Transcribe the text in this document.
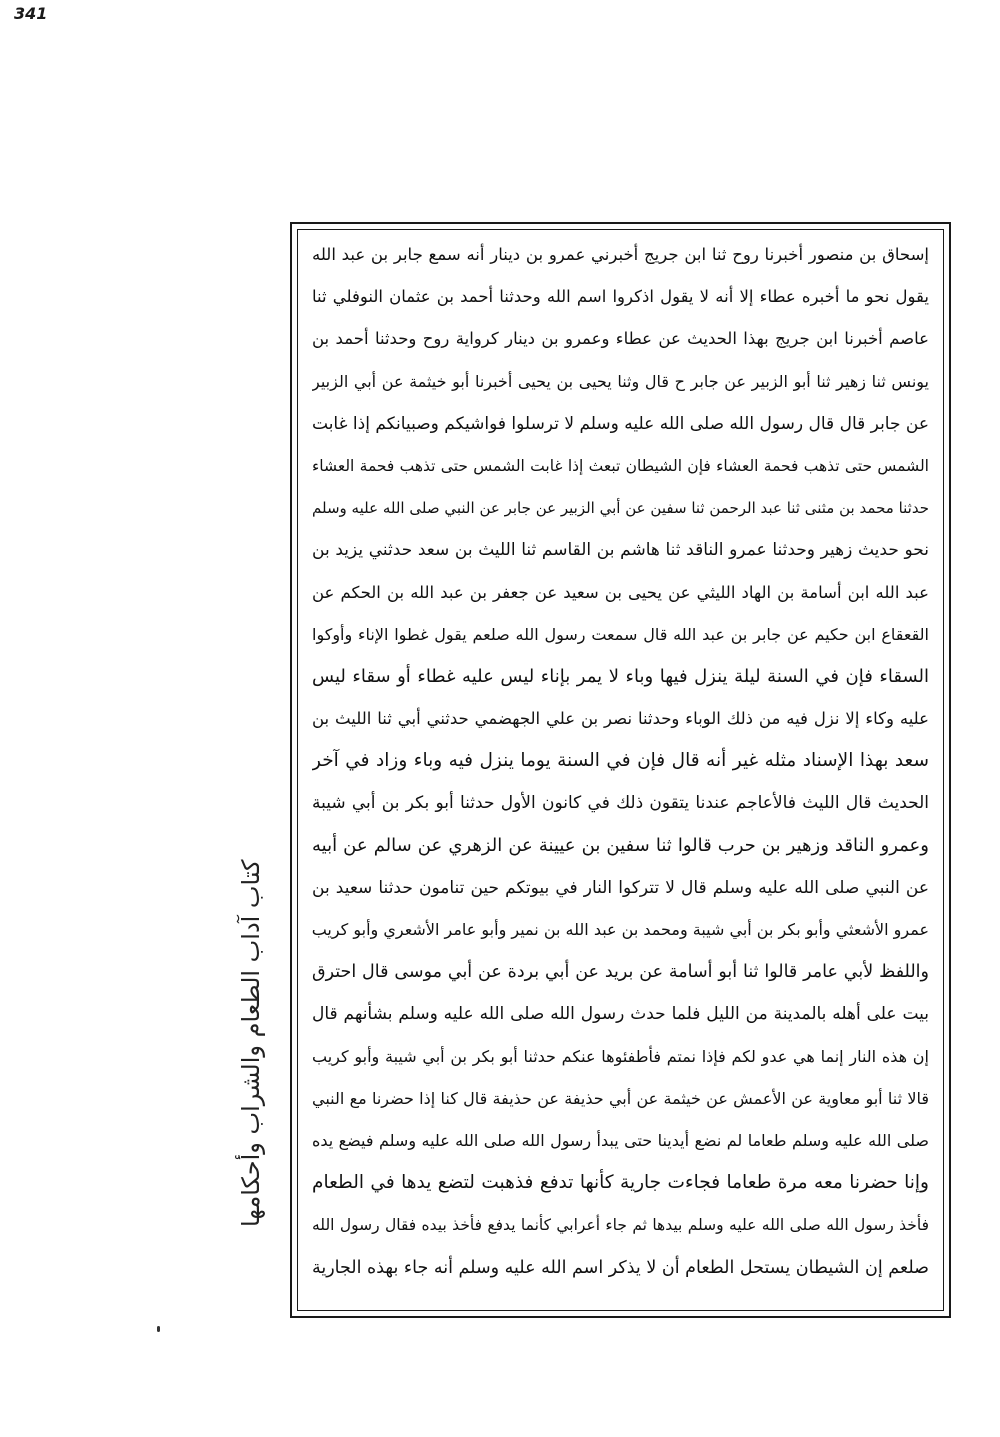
341
كتاب آداب الطعام والشراب وأحكامها
إسحاق بن منصور أخبرنا روح ثنا ابن جريج أخبرني عمرو بن دينار أنه سمع جابر بن عبد الله
يقول نحو ما أخبره عطاء إلا أنه لا يقول اذكروا اسم الله وحدثنا أحمد بن عثمان النوفلي ثنا
عاصم أخبرنا ابن جريج بهذا الحديث عن عطاء وعمرو بن دينار كرواية روح وحدثنا أحمد بن
يونس ثنا زهير ثنا أبو الزبير عن جابر ح قال وثنا يحيى بن يحيى أخبرنا أبو خيثمة عن أبي الزبير
عن جابر قال قال رسول الله صلى الله عليه وسلم لا ترسلوا فواشيكم وصبيانكم إذا غابت
الشمس حتى تذهب فحمة العشاء فإن الشيطان تبعث إذا غابت الشمس حتى تذهب فحمة العشاء
حدثنا محمد بن مثنى ثنا عبد الرحمن ثنا سفين عن أبي الزبير عن جابر عن النبي صلى الله عليه وسلم
نحو حديث زهير وحدثنا عمرو الناقد ثنا هاشم بن القاسم ثنا الليث بن سعد حدثني يزيد بن
عبد الله ابن أسامة بن الهاد الليثي عن يحيى بن سعيد عن جعفر بن عبد الله بن الحكم عن
القعقاع ابن حكيم عن جابر بن عبد الله قال سمعت رسول الله صلعم يقول غطوا الإناء وأوكوا
السقاء فإن في السنة ليلة ينزل فيها وباء لا يمر بإناء ليس عليه غطاء أو سقاء ليس
عليه وكاء إلا نزل فيه من ذلك الوباء وحدثنا نصر بن علي الجهضمي حدثني أبي ثنا الليث بن
سعد بهذا الإسناد مثله غير أنه قال فإن في السنة يوما ينزل فيه وباء وزاد في آخر
الحديث قال الليث فالأعاجم عندنا يتقون ذلك في كانون الأول حدثنا أبو بكر بن أبي شيبة
وعمرو الناقد وزهير بن حرب قالوا ثنا سفين بن عيينة عن الزهري عن سالم عن أبيه
عن النبي صلى الله عليه وسلم قال لا تتركوا النار في بيوتكم حين تنامون حدثنا سعيد بن
عمرو الأشعثي وأبو بكر بن أبي شيبة ومحمد بن عبد الله بن نمير وأبو عامر الأشعري وأبو كريب
واللفظ لأبي عامر قالوا ثنا أبو أسامة عن بريد عن أبي بردة عن أبي موسى قال احترق
بيت على أهله بالمدينة من الليل فلما حدث رسول الله صلى الله عليه وسلم بشأنهم قال
إن هذه النار إنما هي عدو لكم فإذا نمتم فأطفئوها عنكم حدثنا أبو بكر بن أبي شيبة وأبو كريب
قالا ثنا أبو معاوية عن الأعمش عن خيثمة عن أبي حذيفة عن حذيفة قال كنا إذا حضرنا مع النبي
صلى الله عليه وسلم طعاما لم نضع أيدينا حتى يبدأ رسول الله صلى الله عليه وسلم فيضع يده
وإنا حضرنا معه مرة طعاما فجاءت جارية كأنها تدفع فذهبت لتضع يدها في الطعام
فأخذ رسول الله صلى الله عليه وسلم بيدها ثم جاء أعرابي كأنما يدفع فأخذ بيده فقال رسول الله
صلعم إن الشيطان يستحل الطعام أن لا يذكر اسم الله عليه وسلم أنه جاء بهذه الجارية
